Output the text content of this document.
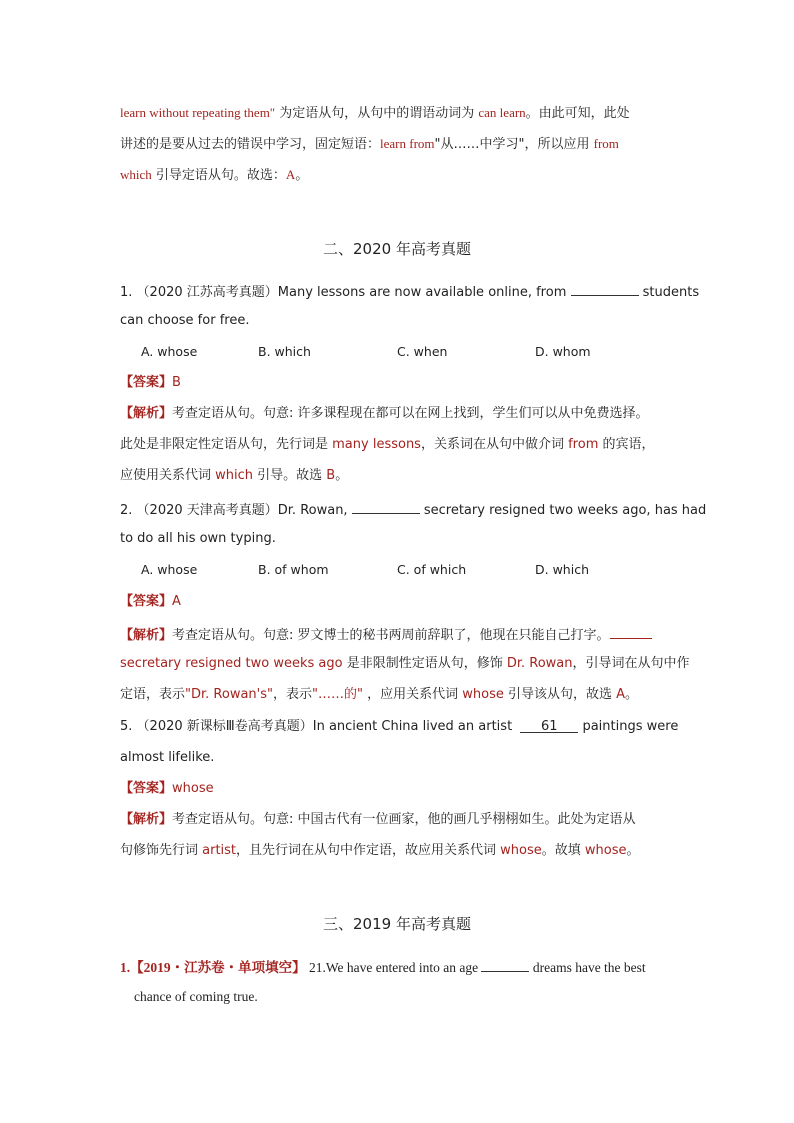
learn without repeating them" 为定语从句，从句中的谓语动词为 can learn。由此可知，此处
讲述的是要从过去的错误中学习，固定短语：learn from"从……中学习"，所以应用 from
which 引导定语从句。故选：A。
二、2020 年高考真题
1. （2020 江苏高考真题）Many lessons are now available online, from	students
can choose for free.
A. whose	B. which	C. when	D. whom
【答案】B
【解析】考查定语从句。句意: 许多课程现在都可以在网上找到，学生们可以从中免费选择。
此处是非限定性定语从句，先行词是 many lessons，关系词在从句中做介词 from 的宾语，
应使用关系代词 which 引导。故选 B。
2. （2020 天津高考真题）Dr. Rowan,	secretary resigned two weeks ago, has had
to do all his own typing.
A. whose	B. of whom	C. of which	D. which
【答案】A
【解析】考查定语从句。句意: 罗文博士的秘书两周前辞职了，他现在只能自己打字。
secretary resigned two weeks ago 是非限制性定语从句，修饰 Dr. Rowan，引导词在从句中作
定语，表示"Dr. Rowan's"，表示"……的" ，应用关系代词 whose 引导该从句，故选 A。
5. （2020 新课标Ⅲ卷高考真题）In ancient China lived an artist 61 paintings were
almost lifelike.
【答案】whose
【解析】考查定语从句。句意: 中国古代有一位画家，他的画几乎栩栩如生。此处为定语从
句修饰先行词 artist，且先行词在从句中作定语，故应用关系代词 whose。故填 whose。
三、2019 年高考真题
1.【2019・江苏卷・单项填空】 21.We have entered into an age	dreams have the best
chance of coming true.
